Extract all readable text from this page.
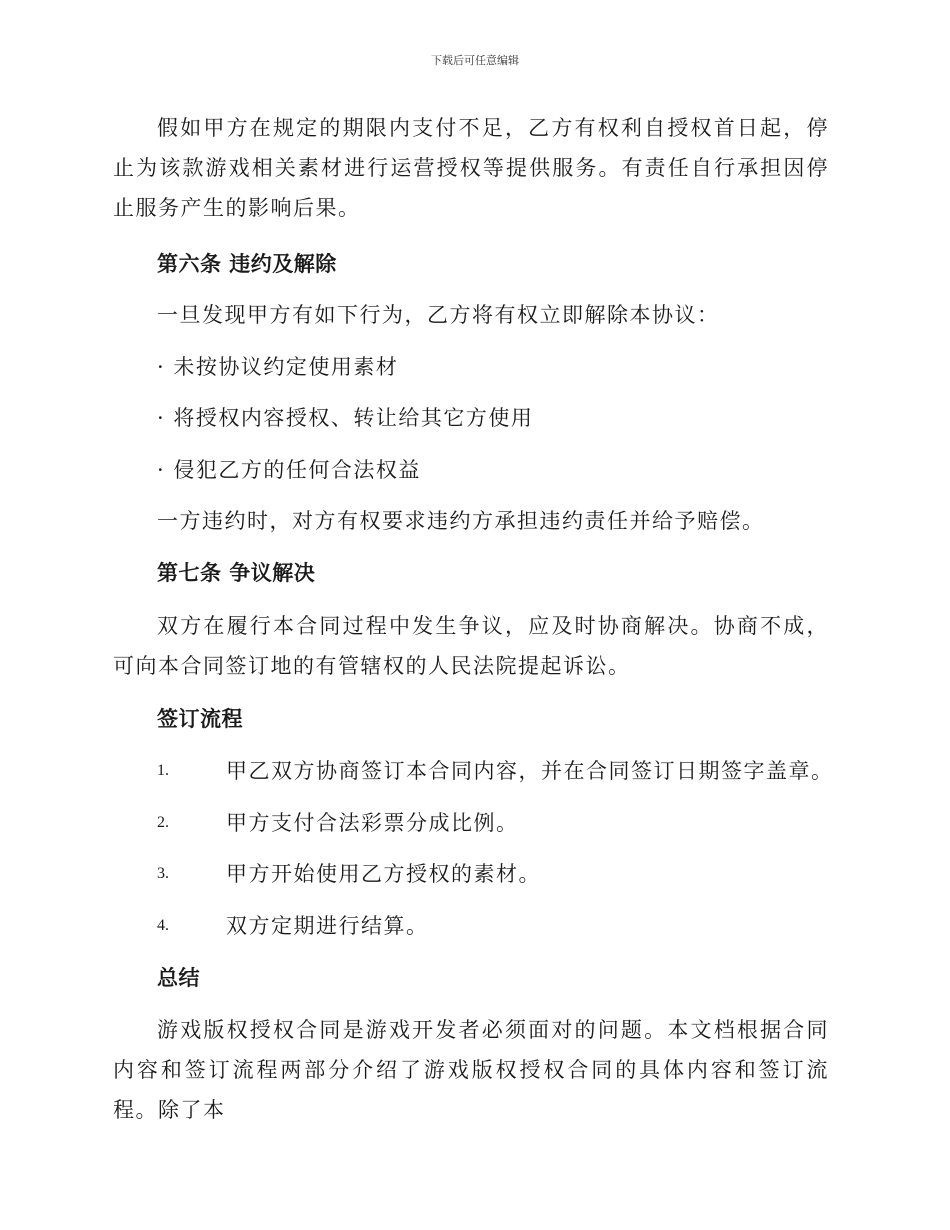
下载后可任意编辑
假如甲方在规定的期限内支付不足，乙方有权利自授权首日起，停止为该款游戏相关素材进行运营授权等提供服务。有责任自行承担因停止服务产生的影响后果。
第六条 违约及解除
一旦发现甲方有如下行为，乙方将有权立即解除本协议：
· 未按协议约定使用素材
· 将授权内容授权、转让给其它方使用
· 侵犯乙方的任何合法权益
一方违约时，对方有权要求违约方承担违约责任并给予赔偿。
第七条 争议解决
双方在履行本合同过程中发生争议，应及时协商解决。协商不成，可向本合同签订地的有管辖权的人民法院提起诉讼。
签订流程
1.	甲乙双方协商签订本合同内容，并在合同签订日期签字盖章。
2.	甲方支付合法彩票分成比例。
3.	甲方开始使用乙方授权的素材。
4.	双方定期进行结算。
总结
游戏版权授权合同是游戏开发者必须面对的问题。本文档根据合同内容和签订流程两部分介绍了游戏版权授权合同的具体内容和签订流程。除了本
